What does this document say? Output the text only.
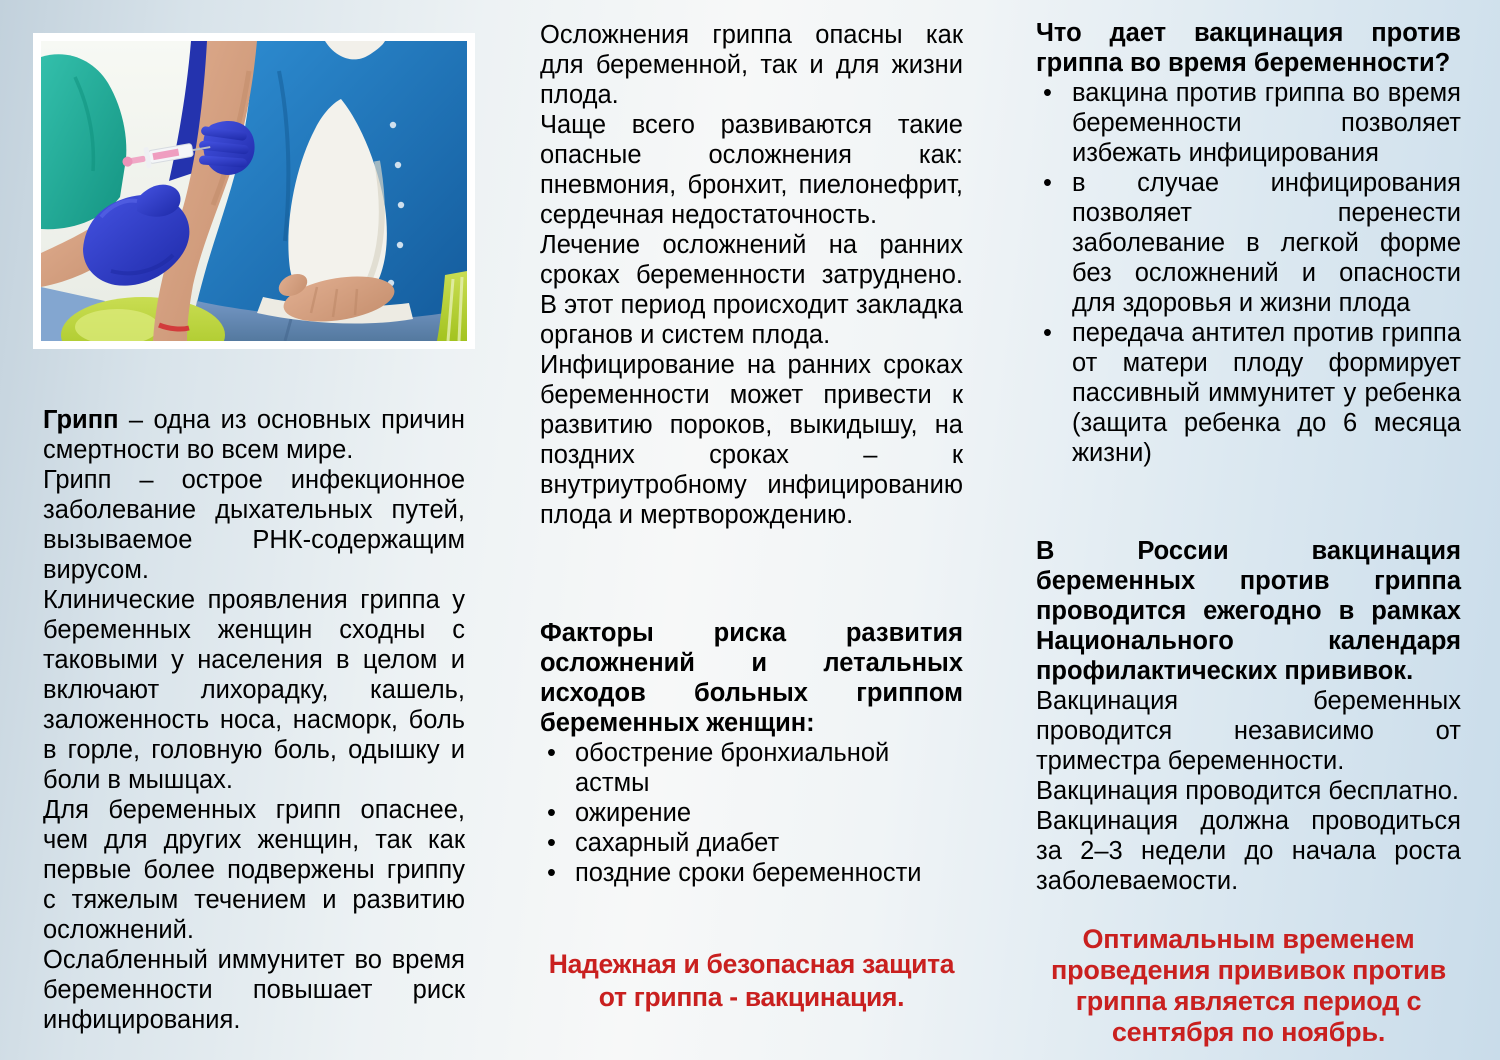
Грипп – одна из основных причин смертности во всем мире.

Грипп – острое инфекционное заболевание дыхательных путей, вызываемое РНК-содержащим вирусом.

Клинические проявления гриппа у беременных женщин сходны с таковыми у населения в целом и включают лихорадку, кашель, заложенность носа, насморк, боль в горле, головную боль, одышку и боли в мышцах.

Для беременных грипп опаснее, чем для других женщин, так как первые более подвержены гриппу с тяжелым течением и развитию осложнений.

Ослабленный иммунитет во время беременности повышает риск инфицирования.

Осложнения гриппа опасны как для беременной, так и для жизни плода.

Чаще всего развиваются такие опасные осложнения как: пневмония, бронхит, пиелонефрит, сердечная недостаточность.

Лечение осложнений на ранних сроках беременности затруднено. В этот период происходит закладка органов и систем плода.

Инфицирование на ранних сроках беременности может привести к развитию пороков, выкидышу, на поздних сроках – к внутриутробному инфицированию плода и мертворождению.

Факторы риска развития осложнений и летальных исходов больных гриппом беременных женщин:
• обострение бронхиальной астмы
• ожирение
• сахарный диабет
• поздние сроки беременности

Надежная и безопасная защита от гриппа - вакцинация.

Что дает вакцинация против гриппа во время беременности?
• вакцина против гриппа во время беременности позволяет избежать инфицирования
• в случае инфицирования позволяет перенести заболевание в легкой форме без осложнений и опасности для здоровья и жизни плода
• передача антител против гриппа от матери плоду формирует пассивный иммунитет у ребенка (защита ребенка до 6 месяца жизни)

В России вакцинация беременных против гриппа проводится ежегодно в рамках Национального календаря профилактических прививок.

Вакцинация беременных проводится независимо от триместра беременности.

Вакцинация проводится бесплатно.

Вакцинация должна проводиться за 2–3 недели до начала роста заболеваемости.

Оптимальным временем проведения прививок против гриппа является период с сентября по ноябрь.
